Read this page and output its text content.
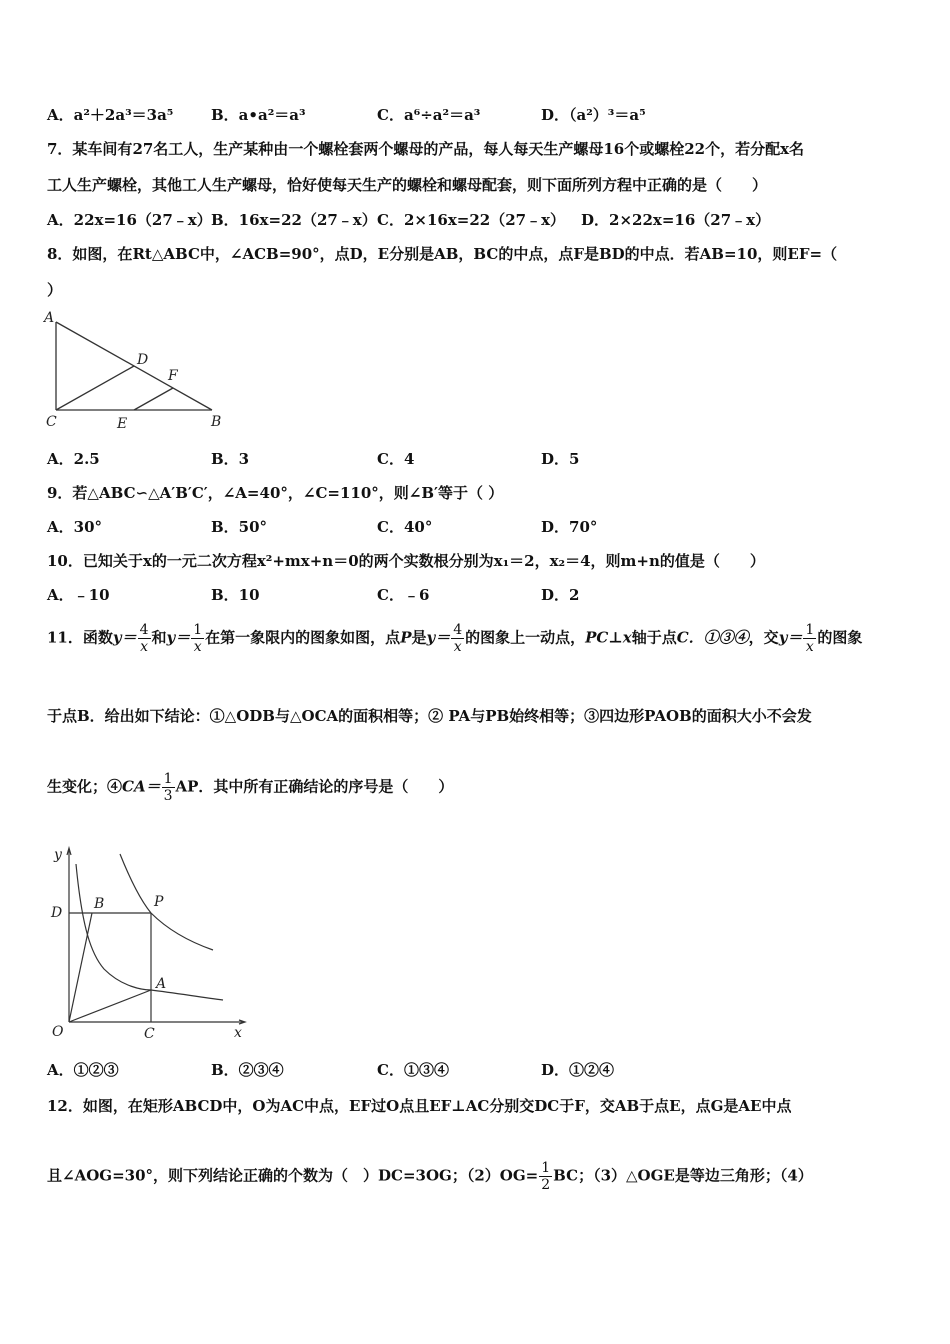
A．a²＋2a³＝3a⁵	B．a•a²＝a³	C．a⁶÷a²＝a³	D．（a²）³＝a⁵
7．某车间有27名工人，生产某种由一个螺栓套两个螺母的产品，每人每天生产螺母16个或螺栓22个，若分配x名
工人生产螺栓，其他工人生产螺母，恰好使每天生产的螺栓和螺母配套，则下面所列方程中正确的是（　　）
A．22x=16（27﹣x） B．16x=22（27﹣x） C．2×16x=22（27﹣x） D．2×22x=16（27﹣x）
8．如图，在Rt△ABC中，∠ACB=90°，点D，E分别是AB，BC的中点，点F是BD的中点．若AB=10，则EF=（
）
A
D
F
C	E	B
A．2.5	B．3	C．4	D．5
9．若△ABC∽△A′B′C′，∠A=40°，∠C=110°，则∠B′等于（ ）
A．30°	B．50°	C．40°	D．70°
10．已知关于x的一元二次方程x²+mx+n＝0的两个实数根分别为x₁＝2，x₂＝4，则m+n的值是（　　）
A．﹣10	B．10	C．﹣6	D．2
11．函数$y= \frac{4}{x}$ 和$y= \frac{1}{x}$ 在第一象限内的图象如图，点P是$y= \frac{4}{x}$ 的图象上一动点，PC⊥x轴于点C．①③④，交$y= \frac{1}{x}$ 的图象
于点B．给出如下结论：①△ODB与△OCA的面积相等；② PA与PB始终相等；③四边形PAOB的面积大小不会发
生变化；④CA＝ $\frac{1}{3}$ AP．其中所有正确结论的序号是（　　）
y
x
O
D
B	P
A
C
A．①②③	B．②③④	C．①③④	D．①②④
12．如图，在矩形ABCD中，O为AC中点，EF过O点且EF⊥AC分别交DC于F，交AB于点E，点G是AE中点
且∠AOG=30°，则下列结论正确的个数为（　）DC=3OG；$(2)OG= \frac{1}{2}$ BC；（3）△OGE是等边三角形；（4）
